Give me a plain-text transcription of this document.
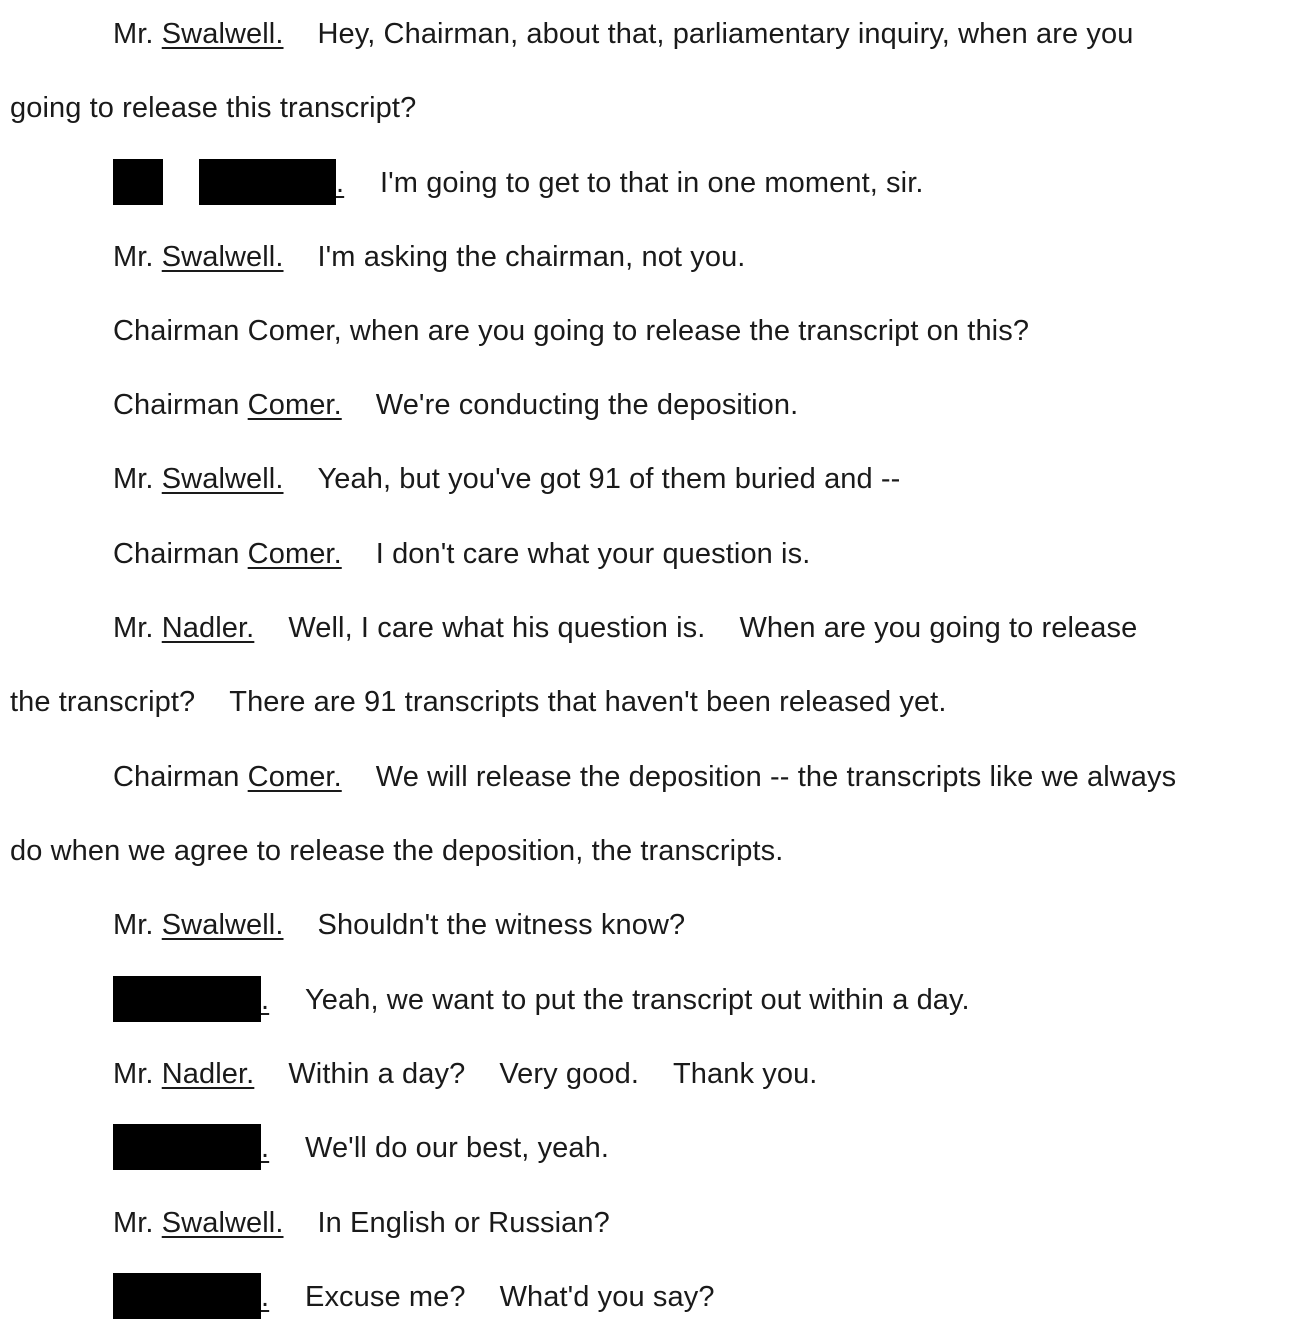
Mr. Swalwell. Hey, Chairman, about that, parliamentary inquiry, when are you
going to release this transcript?
. I'm going to get to that in one moment, sir.
Mr. Swalwell. I'm asking the chairman, not you.
Chairman Comer, when are you going to release the transcript on this?
Chairman Comer. We're conducting the deposition.
Mr. Swalwell. Yeah, but you've got 91 of them buried and --
Chairman Comer. I don't care what your question is.
Mr. Nadler. Well, I care what his question is. When are you going to release
the transcript? There are 91 transcripts that haven't been released yet.
Chairman Comer. We will release the deposition -- the transcripts like we always
do when we agree to release the deposition, the transcripts.
Mr. Swalwell. Shouldn't the witness know?
. Yeah, we want to put the transcript out within a day.
Mr. Nadler. Within a day? Very good. Thank you.
. We'll do our best, yeah.
Mr. Swalwell. In English or Russian?
. Excuse me? What'd you say?
